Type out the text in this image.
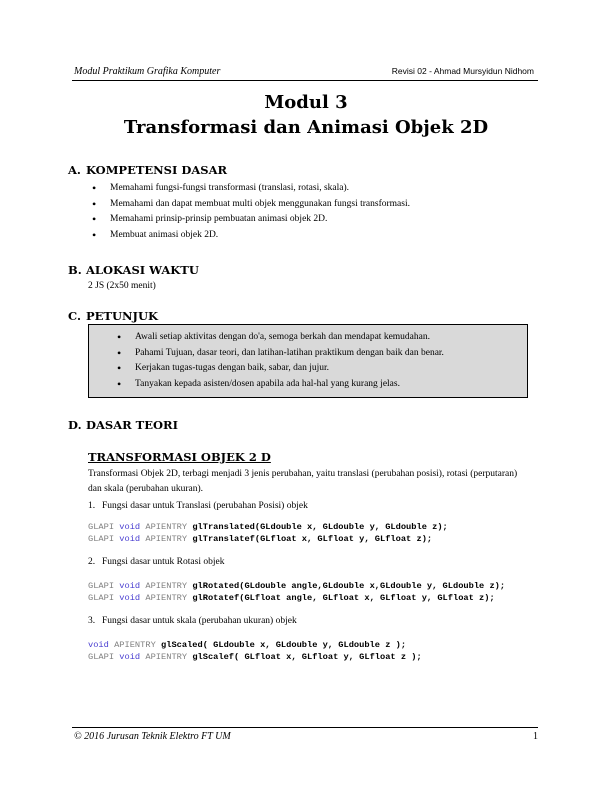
Modul Praktikum Grafika Komputer	Revisi 02 - Ahmad Mursyidun Nidhom
Modul 3
Transformasi dan Animasi Objek 2D
A. KOMPETENSI DASAR
• Memahami fungsi-fungsi transformasi (translasi, rotasi, skala).
• Memahami dan dapat membuat multi objek menggunakan fungsi transformasi.
• Memahami prinsip-prinsip pembuatan animasi objek 2D.
• Membuat animasi objek 2D.
B. ALOKASI WAKTU
2 JS (2x50 menit)
C. PETUNJUK
• Awali setiap aktivitas dengan do'a, semoga berkah dan mendapat kemudahan.
• Pahami Tujuan, dasar teori, dan latihan-latihan praktikum dengan baik dan benar.
• Kerjakan tugas-tugas dengan baik, sabar, dan jujur.
• Tanyakan kepada asisten/dosen apabila ada hal-hal yang kurang jelas.
D. DASAR TEORI
TRANSFORMASI OBJEK 2 D
Transformasi Objek 2D, terbagi menjadi 3 jenis perubahan, yaitu translasi (perubahan posisi), rotasi (perputaran) dan skala (perubahan ukuran).
1. Fungsi dasar untuk Translasi (perubahan Posisi) objek
GLAPI void APIENTRY glTranslated(GLdouble x, GLdouble y, GLdouble z);
GLAPI void APIENTRY glTranslatef(GLfloat x, GLfloat y, GLfloat z);
2. Fungsi dasar untuk Rotasi objek
GLAPI void APIENTRY glRotated(GLdouble angle,GLdouble x,GLdouble y, GLdouble z);
GLAPI void APIENTRY glRotatef(GLfloat angle, GLfloat x, GLfloat y, GLfloat z);
3. Fungsi dasar untuk skala (perubahan ukuran) objek
void APIENTRY glScaled( GLdouble x, GLdouble y, GLdouble z );
GLAPI void APIENTRY glScalef( GLfloat x, GLfloat y, GLfloat z );
© 2016 Jurusan Teknik Elektro FT UM	1
